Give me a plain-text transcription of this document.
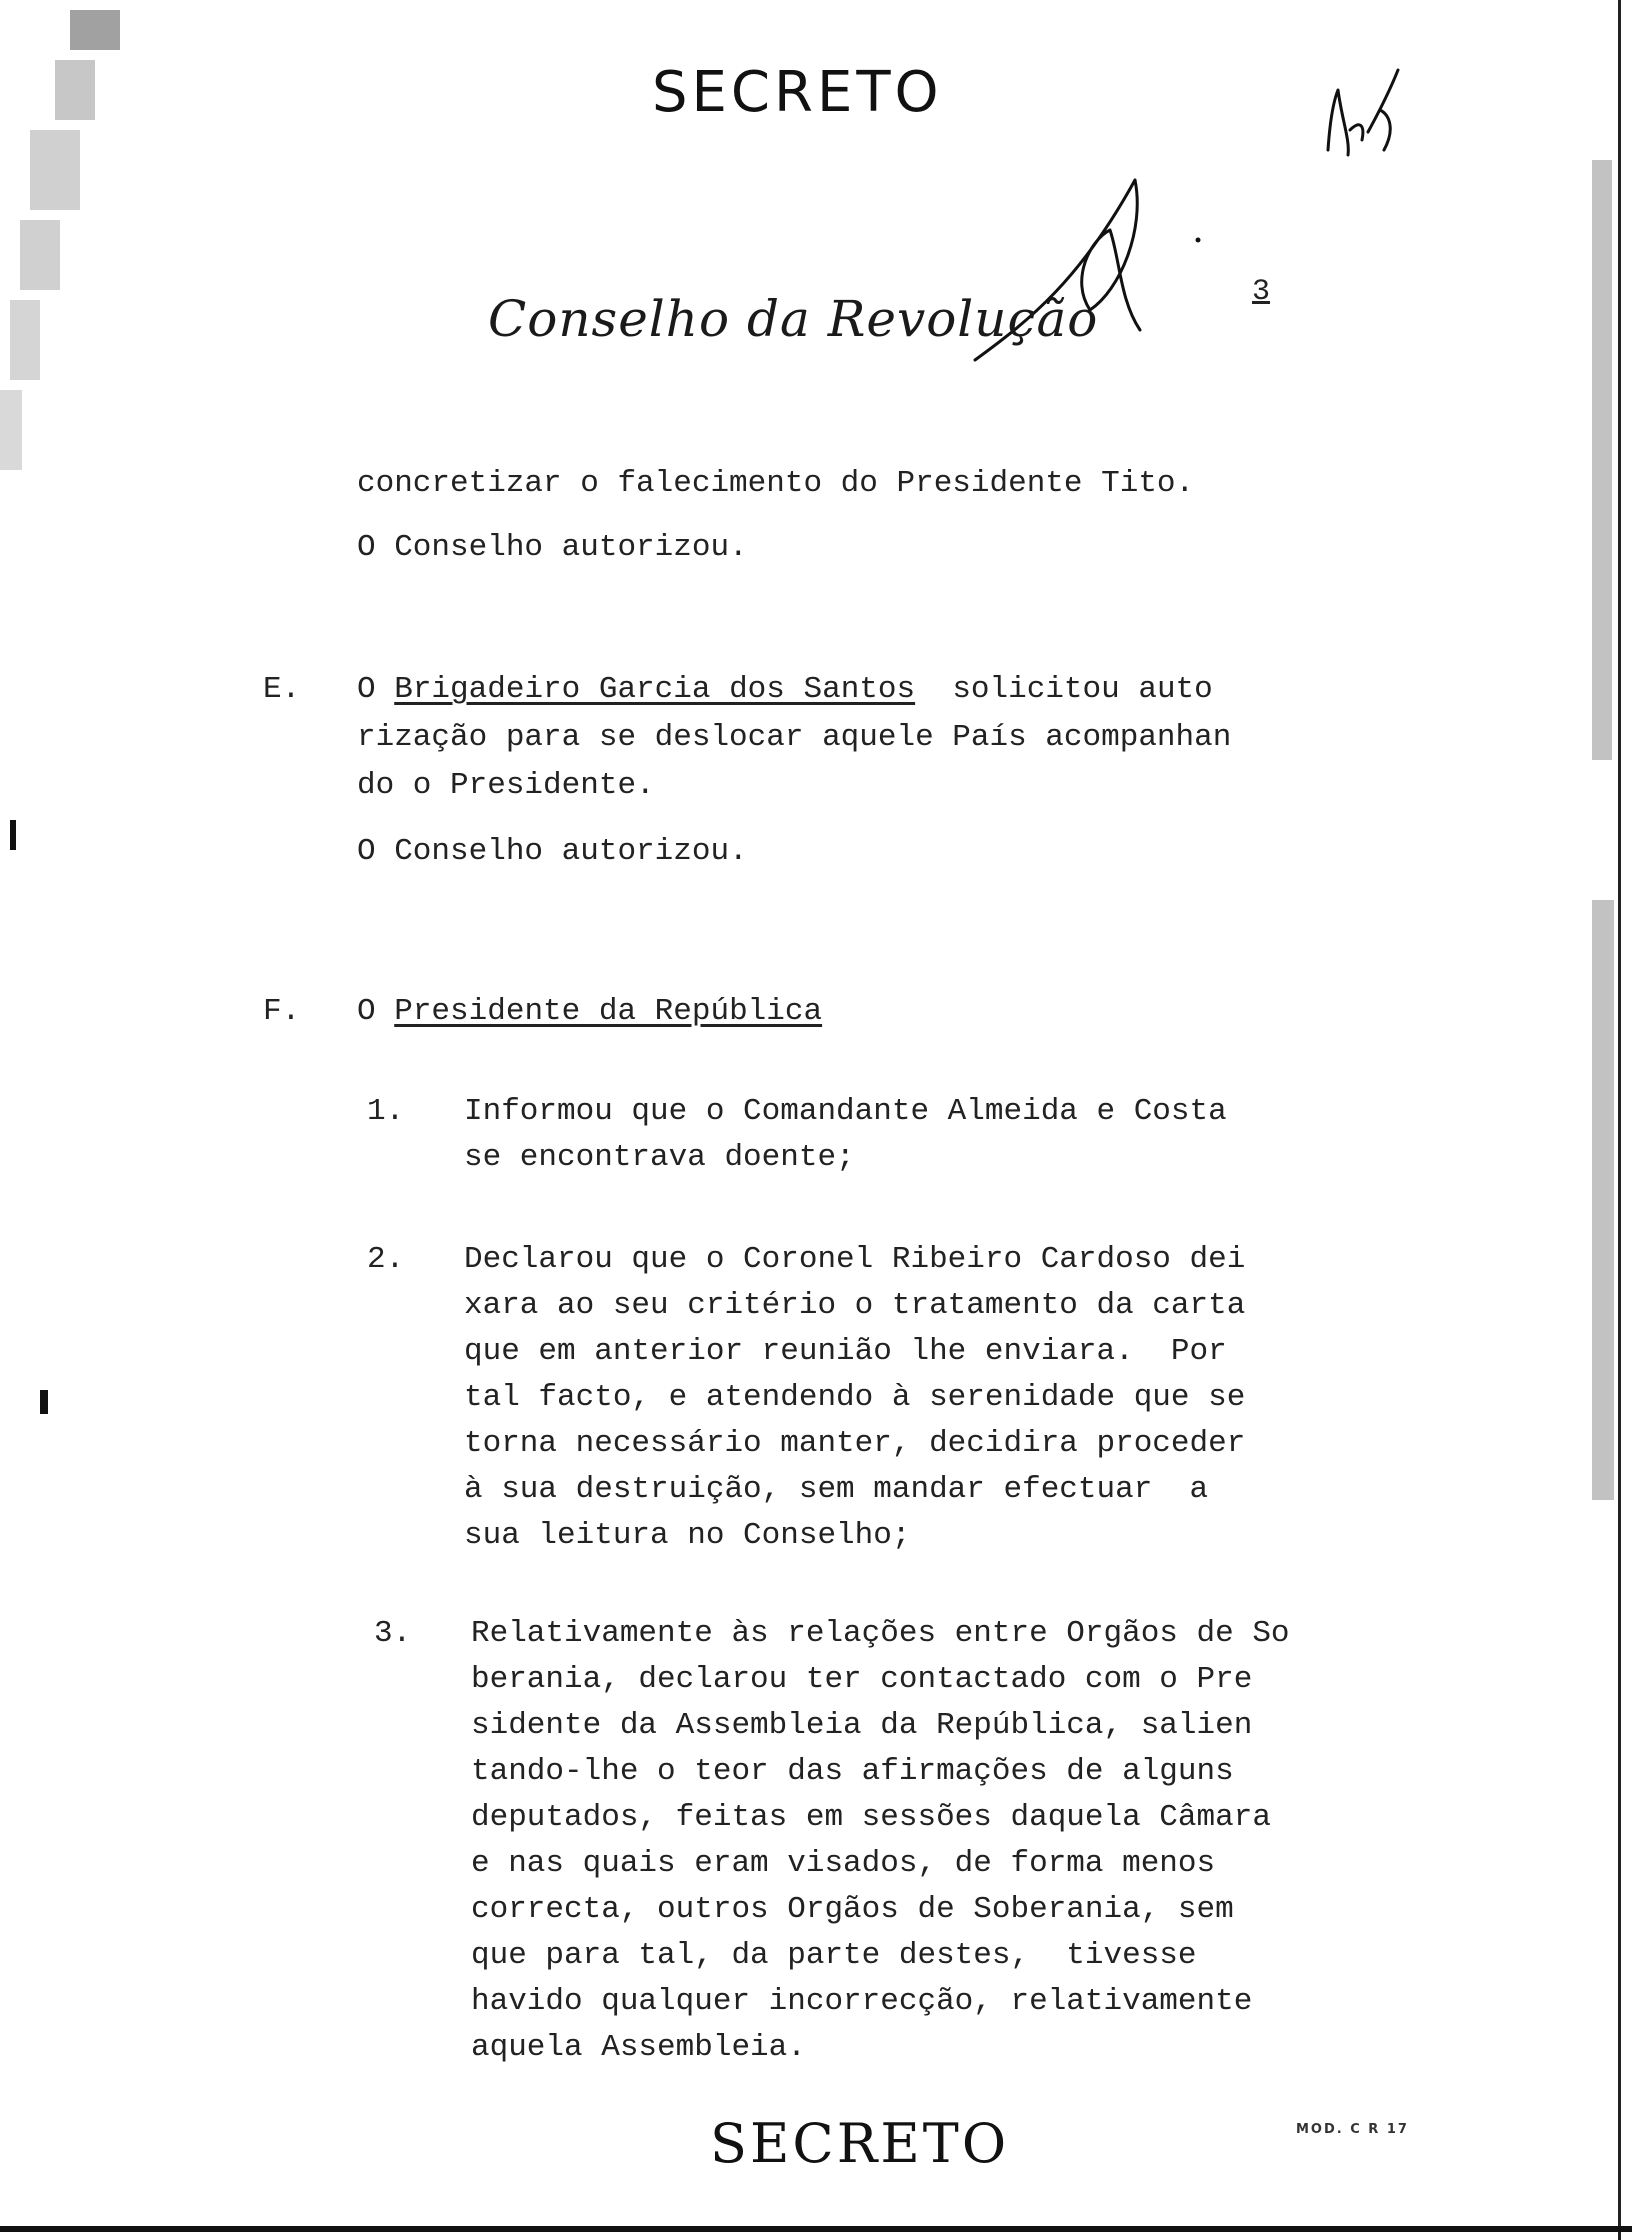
SECRETO
Conselho da Revolução	3
concretizar o falecimento do Presidente Tito.
O Conselho autorizou.
E. O Brigadeiro Garcia dos Santos  solicitou auto
rização para se deslocar aquele País acompanhan
do o Presidente.
O Conselho autorizou.
F. O Presidente da República
1. Informou que o Comandante Almeida e Costa
se encontrava doente;
2. Declarou que o Coronel Ribeiro Cardoso dei
xara ao seu critério o tratamento da carta
que em anterior reunião lhe enviara.  Por
tal facto, e atendendo à serenidade que se
torna necessário manter, decidira proceder
à sua destruição, sem mandar efectuar  a
sua leitura no Conselho;
3. Relativamente às relações entre Orgãos de So
berania, declarou ter contactado com o Pre
sidente da Assembleia da República, salien
tando-lhe o teor das afirmações de alguns
deputados, feitas em sessões daquela Câmara
e nas quais eram visados, de forma menos
correcta, outros Orgãos de Soberania, sem
que para tal, da parte destes,  tivesse
havido qualquer incorrecção, relativamente
aquela Assembleia.
SECRETO	MOD. C R 17
